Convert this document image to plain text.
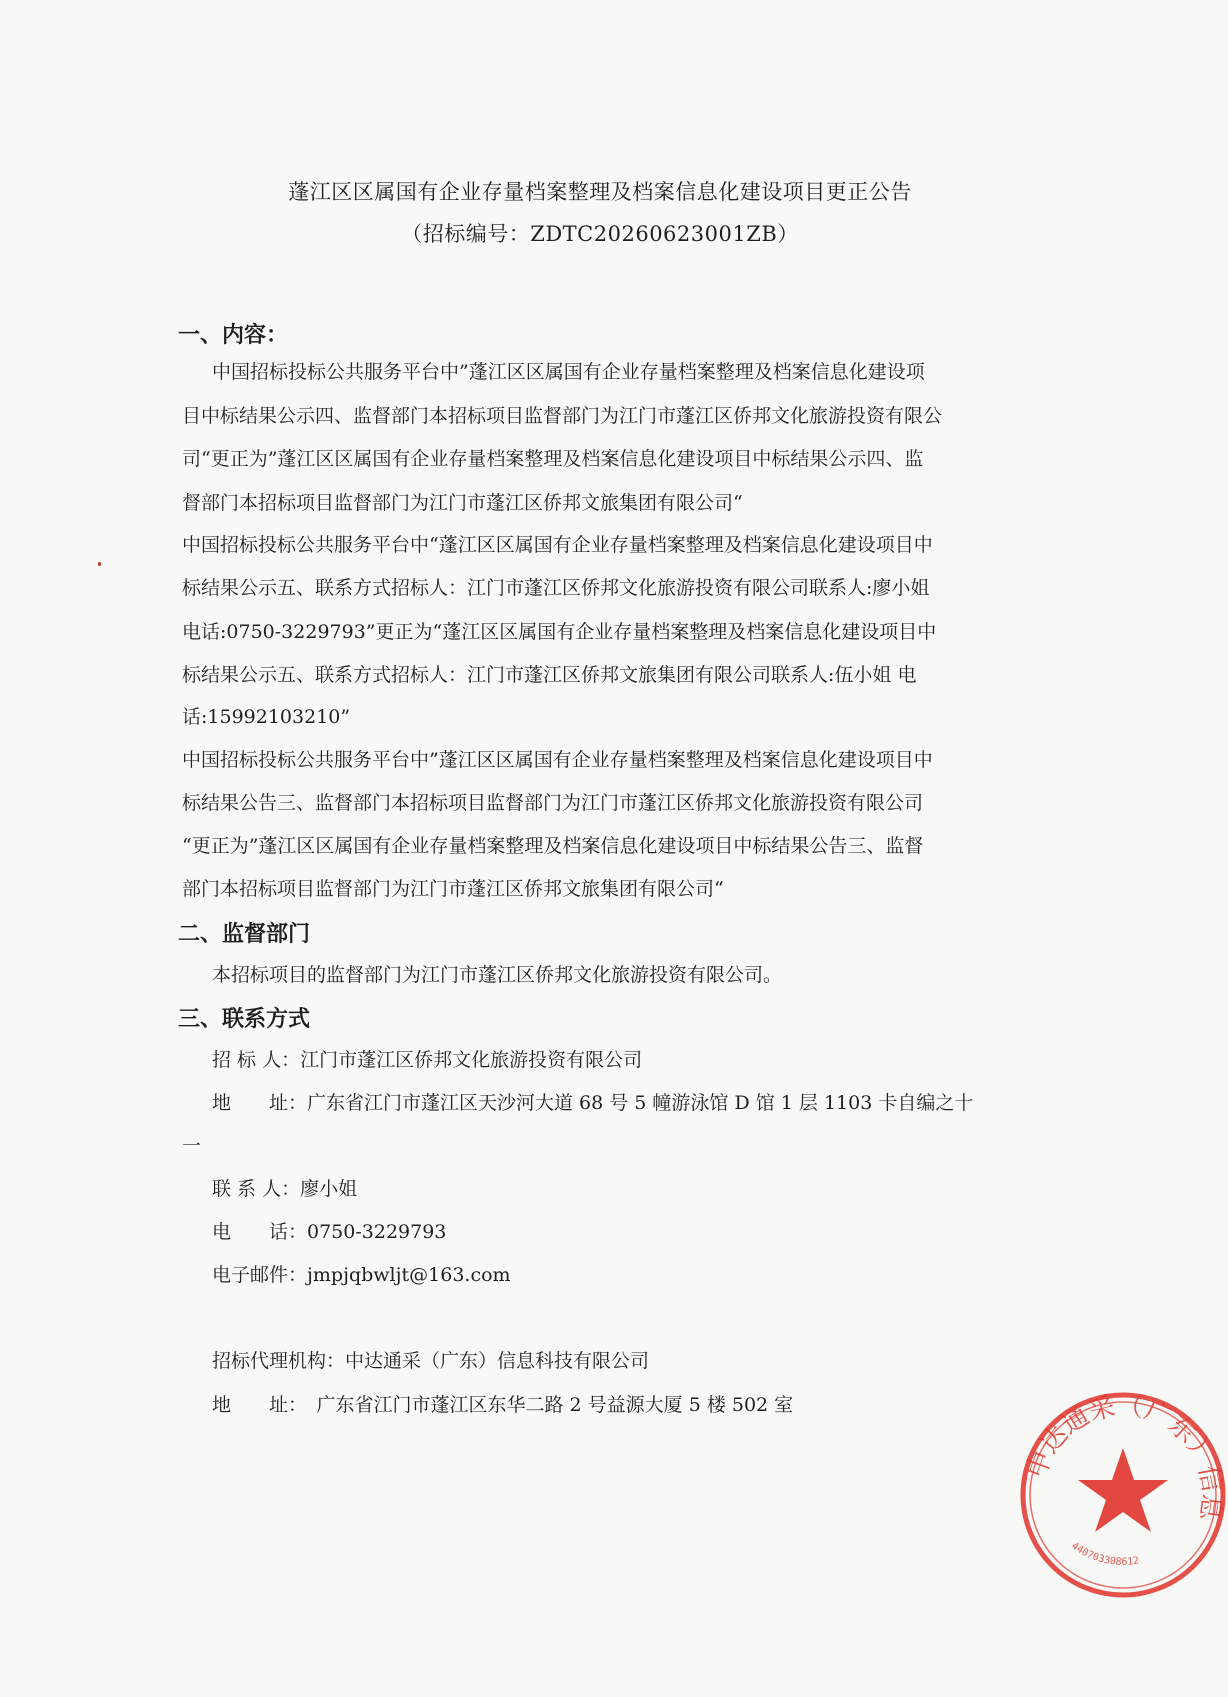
蓬江区区属国有企业存量档案整理及档案信息化建设项目更正公告
（招标编号：ZDTC20260623001ZB）
一、内容：
中国招标投标公共服务平台中”蓬江区区属国有企业存量档案整理及档案信息化建设项
目中标结果公示四、监督部门本招标项目监督部门为江门市蓬江区侨邦文化旅游投资有限公
司“更正为”蓬江区区属国有企业存量档案整理及档案信息化建设项目中标结果公示四、监
督部门本招标项目监督部门为江门市蓬江区侨邦文旅集团有限公司“
中国招标投标公共服务平台中“蓬江区区属国有企业存量档案整理及档案信息化建设项目中
标结果公示五、联系方式招标人：江门市蓬江区侨邦文化旅游投资有限公司联系人:廖小姐
电话:0750-3229793”更正为“蓬江区区属国有企业存量档案整理及档案信息化建设项目中
标结果公示五、联系方式招标人：江门市蓬江区侨邦文旅集团有限公司联系人:伍小姐 电
话:15992103210”
中国招标投标公共服务平台中”蓬江区区属国有企业存量档案整理及档案信息化建设项目中
标结果公告三、监督部门本招标项目监督部门为江门市蓬江区侨邦文化旅游投资有限公司
“更正为”蓬江区区属国有企业存量档案整理及档案信息化建设项目中标结果公告三、监督
部门本招标项目监督部门为江门市蓬江区侨邦文旅集团有限公司“
二、监督部门
本招标项目的监督部门为江门市蓬江区侨邦文化旅游投资有限公司。
三、联系方式
招 标 人：江门市蓬江区侨邦文化旅游投资有限公司
地　　址：广东省江门市蓬江区天沙河大道 68 号 5 幢游泳馆 D 馆 1 层 1103 卡自编之十
一
联 系 人：廖小姐
电　　话：0750-3229793
电子邮件：jmpjqbwljt@163.com
招标代理机构：中达通采（广东）信息科技有限公司
地　　址：　广东省江门市蓬江区东华二路 2 号益源大厦 5 楼 502 室
中达通采（广东）信息
440703308612
